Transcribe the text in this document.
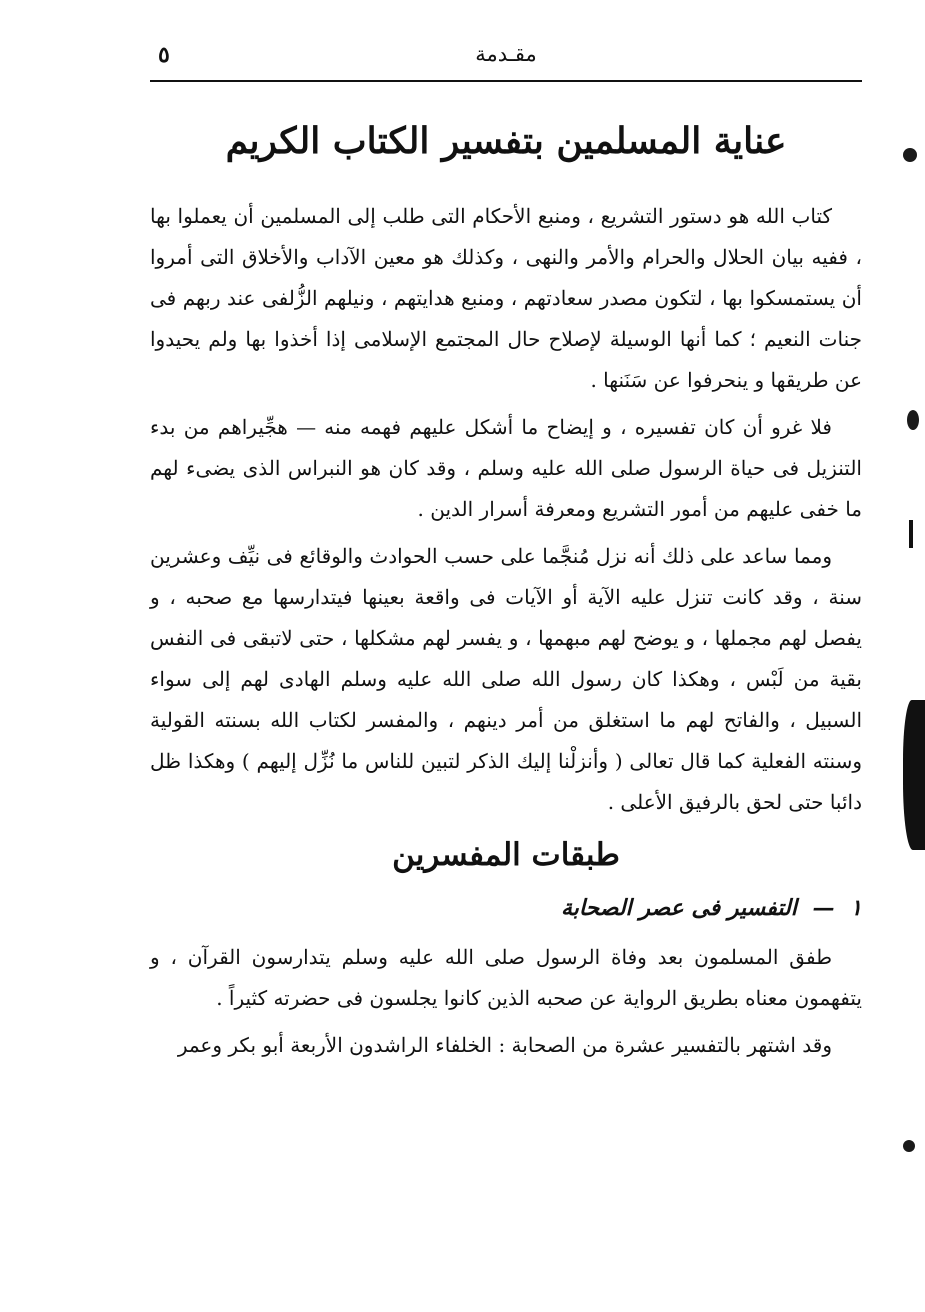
مقـدمة
٥
عناية المسلمين بتفسير الكتاب الكريم

كتاب الله هو دستور التشريع ، ومنبع الأحكام التى طلب إلى المسلمين أن يعملوا بها ، ففيه بيان الحلال والحرام والأمر والنهى ، وكذلك هو معين الآداب والأخلاق التى أمروا أن يستمسكوا بها ، لتكون مصدر سعادتهم ، ومنبع هدايتهم ، ونيلهم الزُّلفى عند ربهم فى جنات النعيم ؛ كما أنها الوسيلة لإصلاح حال المجتمع الإسلامى إذا أخذوا بها ولم يحيدوا عن طريقها و ينحرفوا عن سَنَنها .

فلا غرو أن كان تفسيره ، و إيضاح ما أشكل عليهم فهمه منه — هجِّيراهم من بدء التنزيل فى حياة الرسول صلى الله عليه وسلم ، وقد كان هو النبراس الذى يضىء لهم ما خفى عليهم من أمور التشريع ومعرفة أسرار الدين .

ومما ساعد على ذلك أنه نزل مُنجَّما على حسب الحوادث والوقائع فى نيِّف وعشرين سنة ، وقد كانت تنزل عليه الآية أو الآيات فى واقعة بعينها فيتدارسها مع صحبه ، و يفصل لهم مجملها ، و يوضح لهم مبهمها ، و يفسر لهم مشكلها ، حتى لاتبقى فى النفس بقية من لَبْس ، وهكذا كان رسول الله صلى الله عليه وسلم الهادى لهم إلى سواء السبيل ، والفاتح لهم ما استغلق من أمر دينهم ، والمفسر لكتاب الله بسنته القولية وسنته الفعلية كما قال تعالى ( وأنزلْنا إليك الذكر لتبين للناس ما نُزِّل إليهم ) وهكذا ظل دائبا حتى لحق بالرفيق الأعلى .

طبقات المفسرين
١ — التفسير فى عصر الصحابة

طفق المسلمون بعد وفاة الرسول صلى الله عليه وسلم يتدارسون القرآن ، و يتفهمون معناه بطريق الرواية عن صحبه الذين كانوا يجلسون فى حضرته كثيراً .

وقد اشتهر بالتفسير عشرة من الصحابة : الخلفاء الراشدون الأربعة أبو بكر وعمر
